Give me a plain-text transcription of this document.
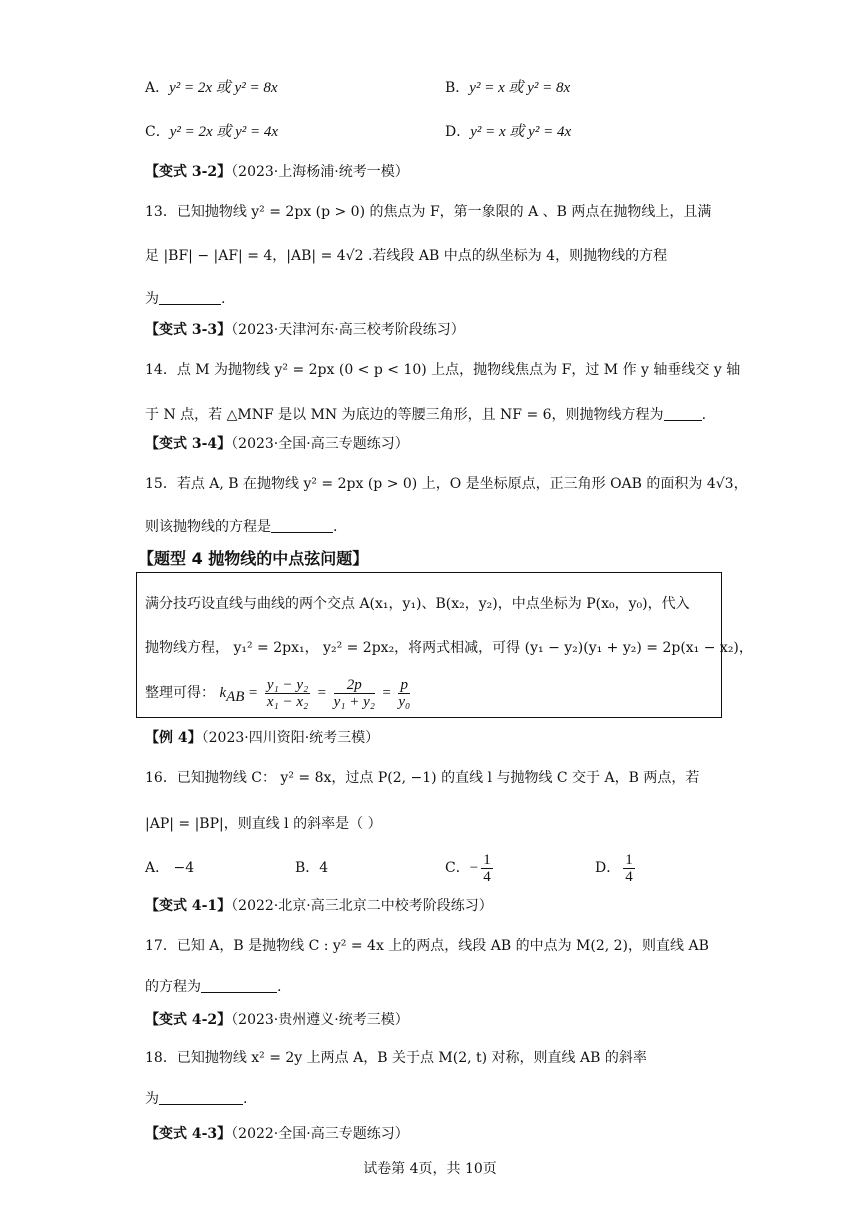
A．y² = 2x 或 y² = 8x	B．y² = x 或 y² = 8x
C．y² = 2x 或 y² = 4x	D．y² = x 或 y² = 4x
【变式 3-2】（2023·上海杨浦·统考一模）
13．已知抛物线 y² = 2px (p > 0) 的焦点为 F，第一象限的 A 、B 两点在抛物线上，且满
足 |BF| − |AF| = 4，|AB| = 4√2 .若线段 AB 中点的纵坐标为 4，则抛物线的方程
为	.
【变式 3-3】（2023·天津河东·高三校考阶段练习）
14．点 M 为抛物线 y² = 2px (0 < p < 10) 上点，抛物线焦点为 F，过 M 作 y 轴垂线交 y 轴
于 N 点，若 △MNF 是以 MN 为底边的等腰三角形，且 NF = 6，则抛物线方程为	.
【变式 3-4】（2023·全国·高三专题练习）
15．若点 A, B 在抛物线 y² = 2px (p > 0) 上，O 是坐标原点，正三角形 OAB 的面积为 4√3，
则该抛物线的方程是	.
【题型 4 抛物线的中点弦问题】
满分技巧设直线与曲线的两个交点 A(x₁，y₁)、B(x₂，y₂)，中点坐标为 P(x₀，y₀)，代入
抛物线方程， y₁² = 2px₁， y₂² = 2px₂，将两式相减，可得 (y₁ − y₂)(y₁ + y₂) = 2p(x₁ − x₂)，
整理可得： $k_{AB} = \frac{\text{y₁ − y₂}}{\text{x₁ − x₂}} = \frac{2p}{\text{y₁ + y₂}} = \frac{p}{\text{y₀}}$
【例 4】（2023·四川资阳·统考三模）
16．已知抛物线 C： y² = 8x，过点 P(2, −1) 的直线 l 与抛物线 C 交于 A，B 两点，若
|AP| = |BP|，则直线 l 的斜率是（ ）
A． −4	B．4	C．− $\frac{1}{4}$	D． $\frac{1}{4}$
【变式 4-1】（2022·北京·高三北京二中校考阶段练习）
17．已知 A，B 是抛物线 C : y² = 4x 上的两点，线段 AB 的中点为 M(2, 2)，则直线 AB
的方程为	.
【变式 4-2】（2023·贵州遵义·统考三模）
18．已知抛物线 x² = 2y 上两点 A，B 关于点 M(2, t) 对称，则直线 AB 的斜率
为	.
【变式 4-3】（2022·全国·高三专题练习）
试卷第 4页，共 10页
